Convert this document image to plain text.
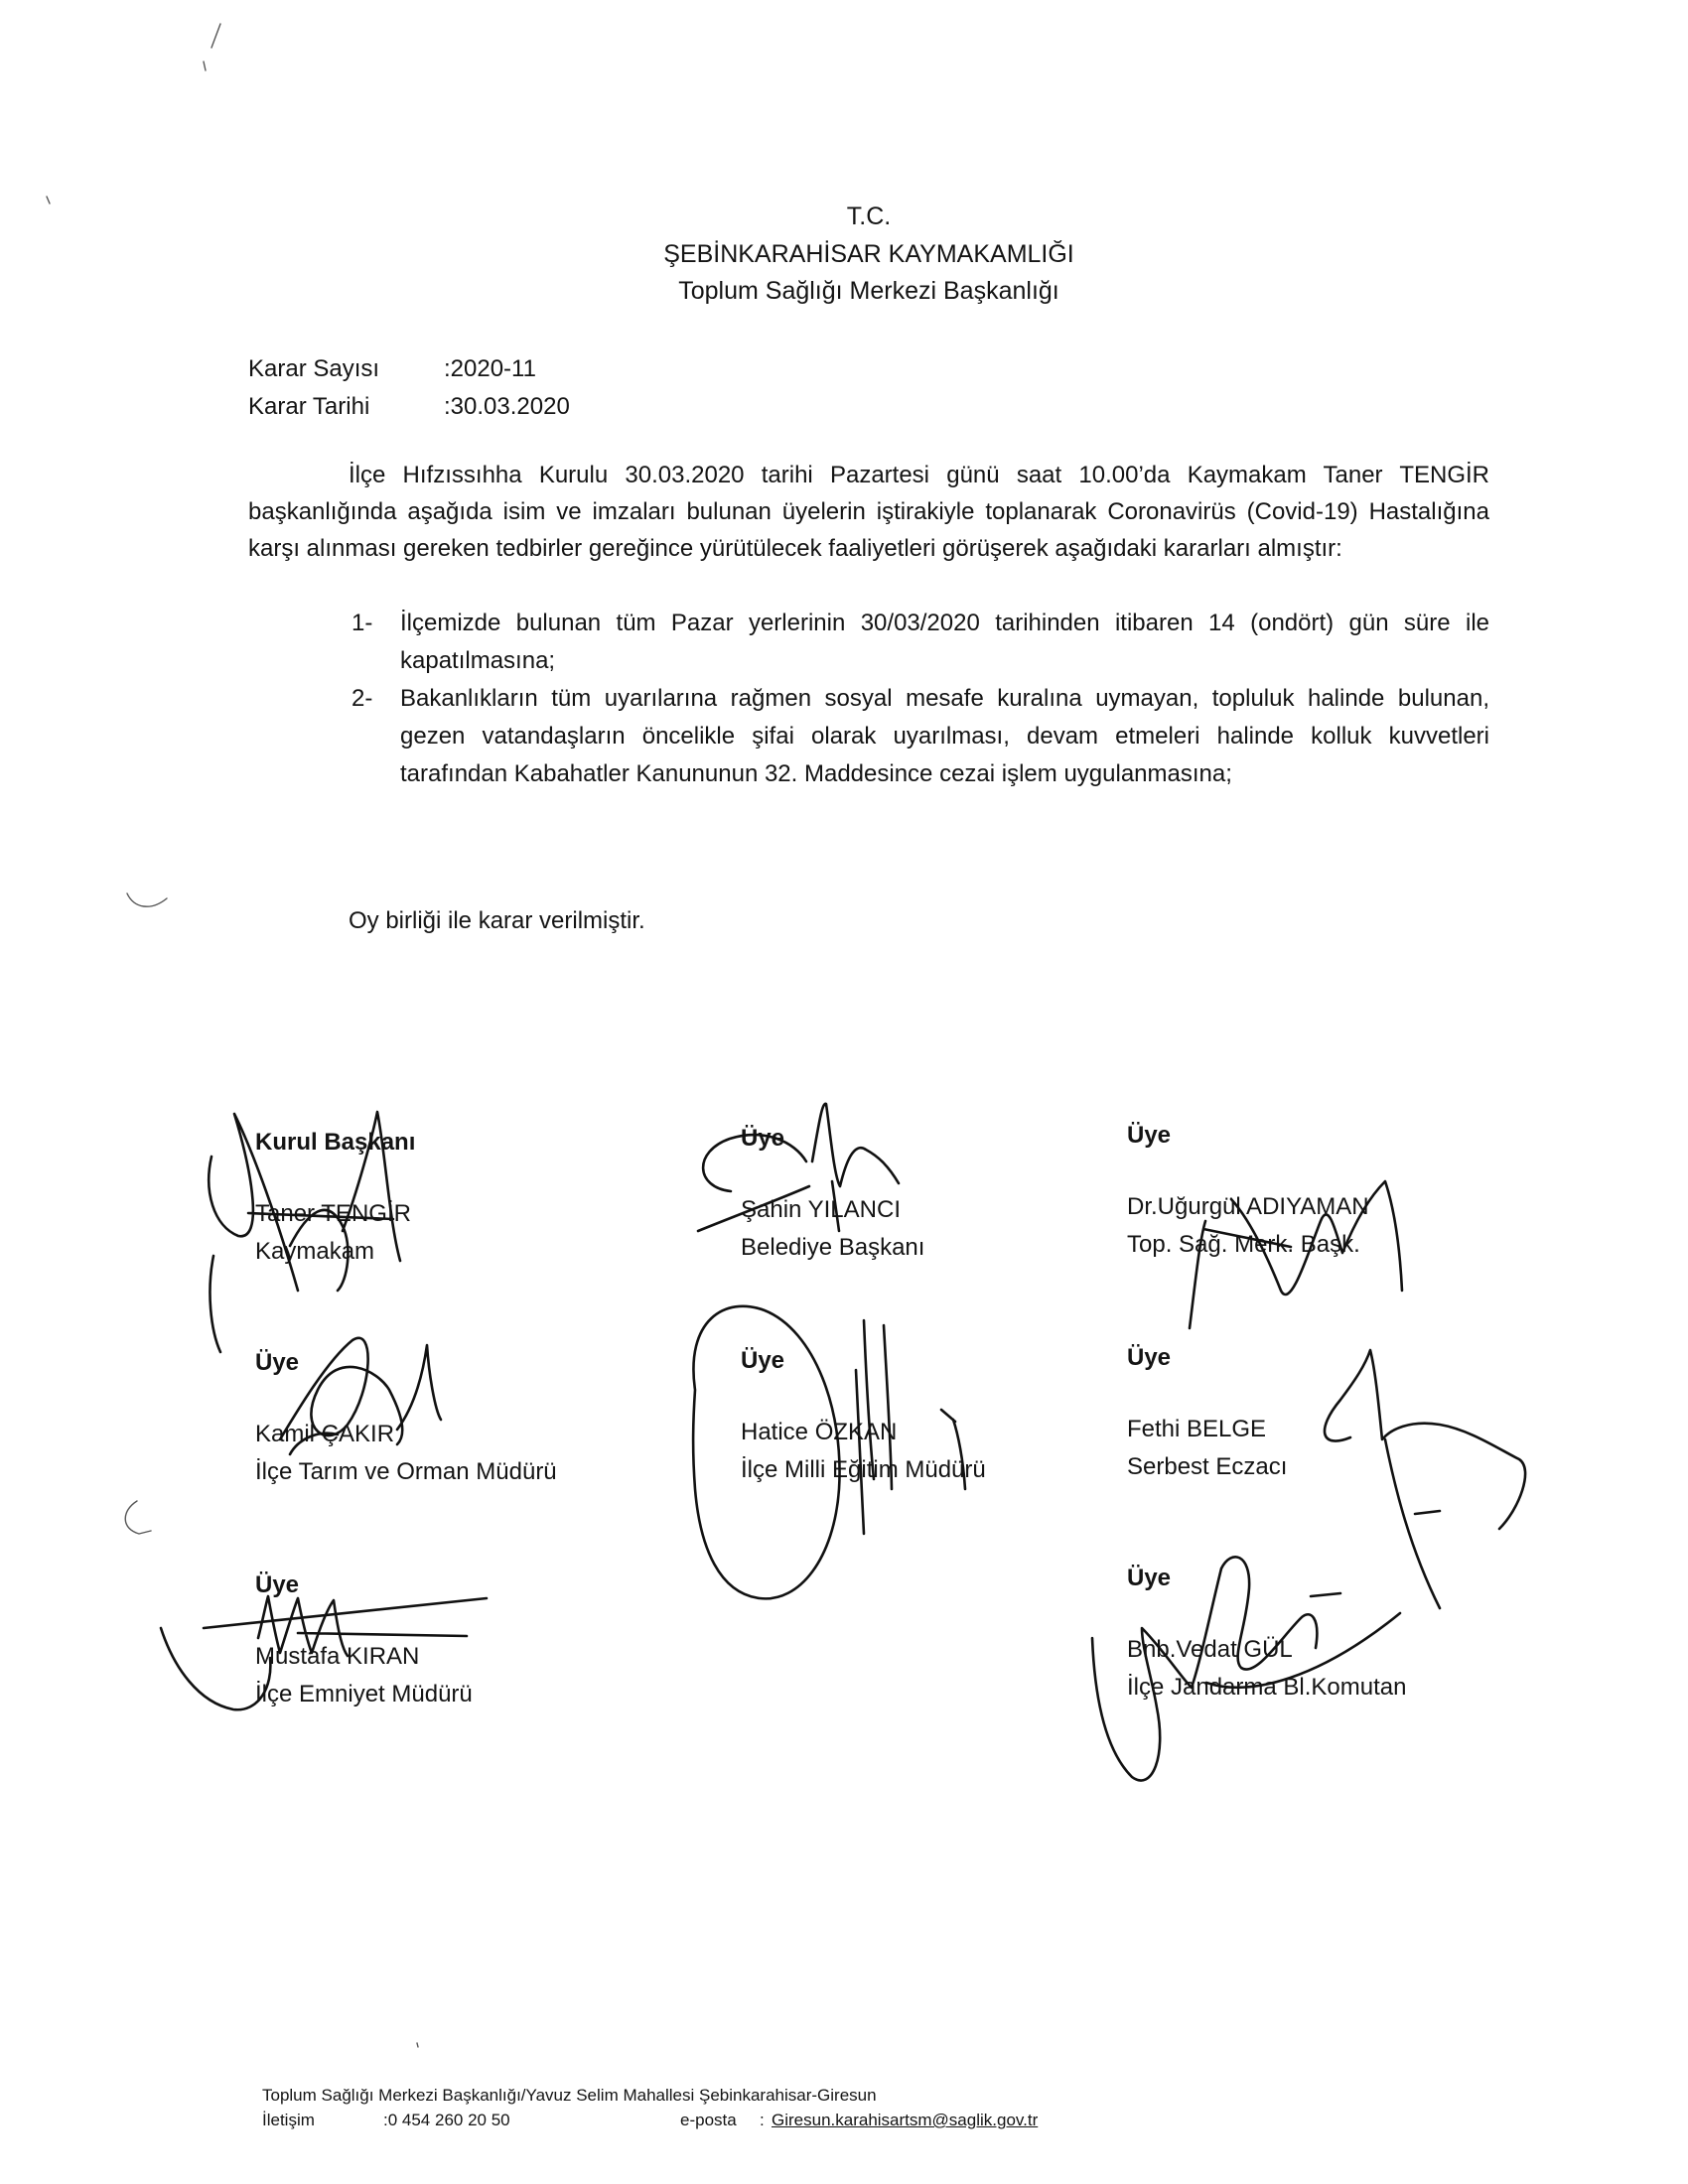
T.C.
ŞEBİNKARAHİSAR KAYMAKAMLIĞI
Toplum Sağlığı Merkezi Başkanlığı
Karar Sayısı	:2020-11
Karar Tarihi	:30.03.2020

İlçe Hıfzıssıhha Kurulu 30.03.2020 tarihi Pazartesi günü saat 10.00’da Kaymakam Taner TENGİR başkanlığında aşağıda isim ve imzaları bulunan üyelerin iştirakiyle toplanarak Coronavirüs (Covid-19) Hastalığına karşı alınması gereken tedbirler gereğince yürütülecek faaliyetleri görüşerek aşağıdaki kararları almıştır:

1-	İlçemizde bulunan tüm Pazar yerlerinin 30/03/2020 tarihinden itibaren 14 (ondört) gün süre ile kapatılmasına;
2-	Bakanlıkların tüm uyarılarına rağmen sosyal mesafe kuralına uymayan, topluluk halinde bulunan, gezen vatandaşların öncelikle şifai olarak uyarılması, devam etmeleri halinde kolluk kuvvetleri tarafından Kabahatler Kanununun 32. Maddesince cezai işlem uygulanmasına;
Oy birliği ile karar verilmiştir.
Kurul Başkanı
Taner TENGİR
Kaymakam
Üye
Şahin YILANCI
Belediye Başkanı
Üye
Dr.Uğurgül ADIYAMAN
Top. Sağ. Merk. Başk.
Üye
Kamil ÇAKIR
İlçe Tarım ve Orman Müdürü
Üye
Hatice ÖZKAN
İlçe Milli Eğitim Müdürü
Üye
Fethi BELGE
Serbest Eczacı
Üye
Mustafa KIRAN
İlçe Emniyet Müdürü
Üye
Bnb.Vedat GÜL
İlçe Jandarma Bl.Komutan
Toplum Sağlığı Merkezi Başkanlığı/Yavuz Selim Mahallesi Şebinkarahisar-Giresun
İletişim	:0 454 260 20 50	e-posta : Giresun.karahisartsm@saglik.gov.tr
